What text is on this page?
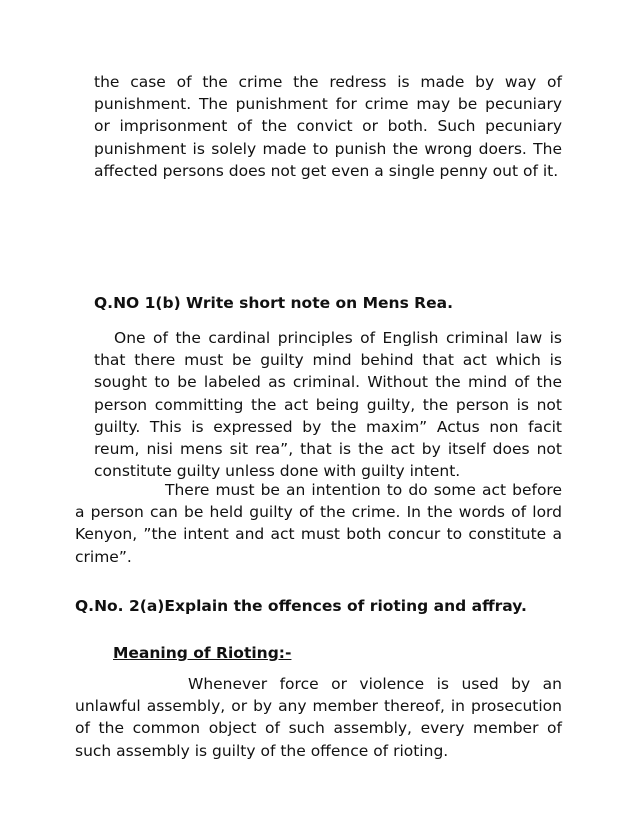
the case of the crime the redress is made by way of punishment. The punishment for crime may be pecuniary or imprisonment of the convict or both. Such pecuniary punishment is solely made to punish the wrong doers. The affected persons does not get even a single penny out of it.

Q.NO 1(b) Write short note on Mens Rea.

One of the cardinal principles of English criminal law is that there must be guilty mind behind that act which is sought to be labeled as criminal. Without the mind of the person committing the act being guilty, the person is not guilty. This is expressed by the maxim” Actus non facit reum, nisi mens sit rea”, that is the act by itself does not constitute guilty unless done with guilty intent.

There must be an intention to do some act before a person can be held guilty of the crime. In the words of lord Kenyon, ”the intent and act must both concur to constitute a crime”.

Q.No. 2(a)Explain the offences of rioting and affray.

Meaning of Rioting:-

Whenever force or violence is used by an unlawful assembly, or by any member thereof, in prosecution of the common object of such assembly, every member of such assembly is guilty of the offence of rioting.
